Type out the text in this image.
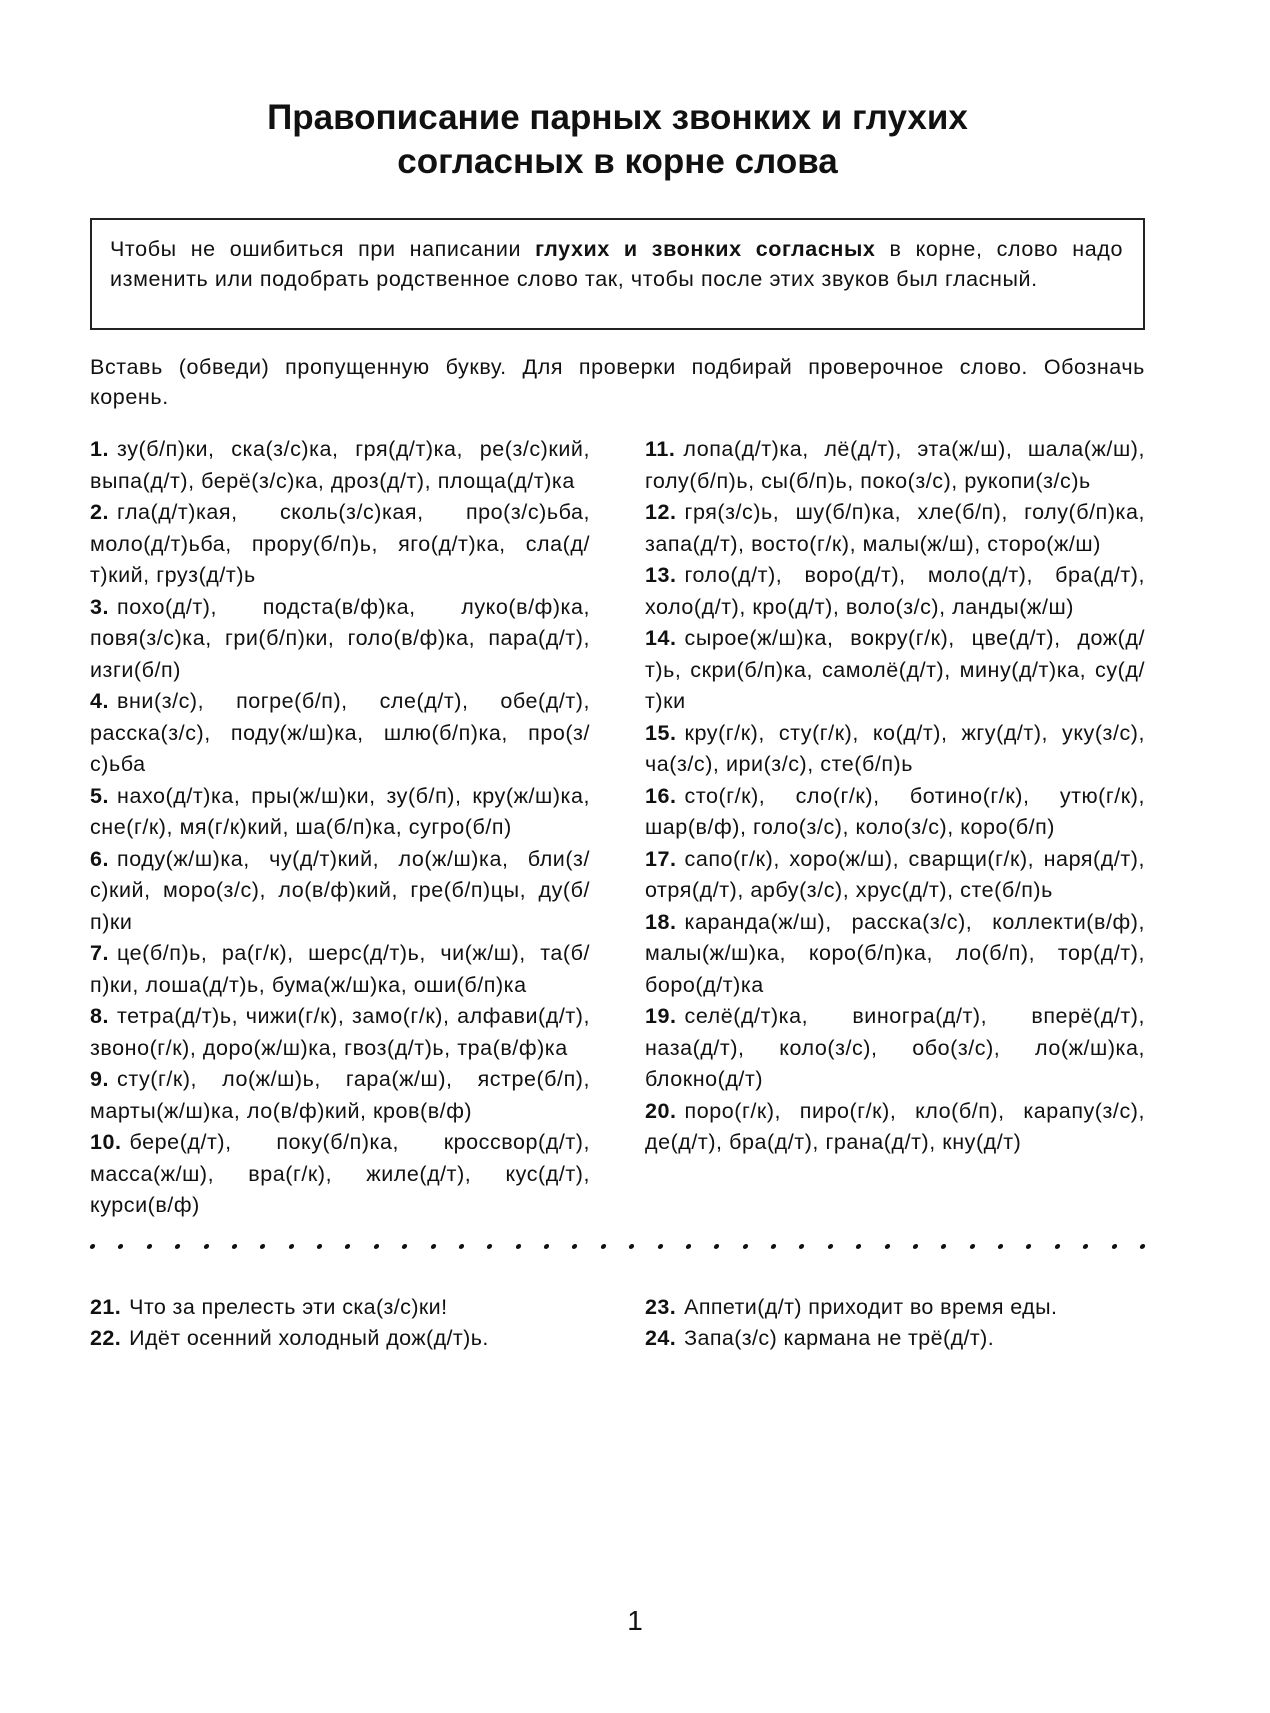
Правописание парных звонких и глухих
согласных в корне слова
Чтобы не ошибиться при написании глухих и звонких согласных в корне, слово надо изменить или подобрать родственное слово так, чтобы после этих звуков был гласный.
Вставь (обведи) пропущенную букву. Для проверки подбирай проверочное слово. Обозначь корень.

1. зу(б/п)ки, ска(з/с)ка, гря(д/т)ка, ре(з/с)кий, выпа(д/т), берё(з/с)ка, дроз(д/т), площа(д/т)ка

2. гла(д/т)кая, сколь(з/с)кая, про(з/с)ьба, моло(д/т)ьба, прору(б/п)ь, яго(д/т)ка, сла(д/т)кий, груз(д/т)ь

3. похо(д/т), подста(в/ф)ка, луко(в/ф)ка, повя(з/с)ка, гри(б/п)ки, голо(в/ф)ка, пара(д/т), изги(б/п)

4. вни(з/с), погре(б/п), сле(д/т), обе(д/т), расска(з/с), поду(ж/ш)ка, шлю(б/п)ка, про(з/с)ьба

5. нахо(д/т)ка, пры(ж/ш)ки, зу(б/п), кру(ж/ш)ка, сне(г/к), мя(г/к)кий, ша(б/п)ка, сугро(б/п)

6. поду(ж/ш)ка, чу(д/т)кий, ло(ж/ш)ка, бли(з/с)кий, моро(з/с), ло(в/ф)кий, гре(б/п)цы, ду(б/п)ки

7. це(б/п)ь, ра(г/к), шерс(д/т)ь, чи(ж/ш), та(б/п)ки, лоша(д/т)ь, бума(ж/ш)ка, оши(б/п)ка

8. тетра(д/т)ь, чижи(г/к), замо(г/к), алфави(д/т), звоно(г/к), доро(ж/ш)ка, гвоз(д/т)ь, тра(в/ф)ка

9. сту(г/к), ло(ж/ш)ь, гара(ж/ш), ястре(б/п), марты(ж/ш)ка, ло(в/ф)кий, кров(в/ф)

10. бере(д/т), поку(б/п)ка, кроссвор(д/т), масса(ж/ш), вра(г/к), жиле(д/т), кус(д/т), курси(в/ф)

11. лопа(д/т)ка, лё(д/т), эта(ж/ш), шала(ж/ш), голу(б/п)ь, сы(б/п)ь, поко(з/с), рукопи(з/с)ь

12. гря(з/с)ь, шу(б/п)ка, хле(б/п), голу(б/п)ка, запа(д/т), восто(г/к), малы(ж/ш), сторо(ж/ш)

13. голо(д/т), воро(д/т), моло(д/т), бра(д/т), холо(д/т), кро(д/т), воло(з/с), ланды(ж/ш)

14. сырое(ж/ш)ка, вокру(г/к), цве(д/т), дож(д/т)ь, скри(б/п)ка, самолё(д/т), мину(д/т)ка, су(д/т)ки

15. кру(г/к), сту(г/к), ко(д/т), жгу(д/т), уку(з/с), ча(з/с), ири(з/с), сте(б/п)ь

16. сто(г/к), сло(г/к), ботино(г/к), утю(г/к), шар(в/ф), голо(з/с), коло(з/с), коро(б/п)

17. сапо(г/к), хоро(ж/ш), сварщи(г/к), наря(д/т), отря(д/т), арбу(з/с), хрус(д/т), сте(б/п)ь

18. каранда(ж/ш), расска(з/с), коллекти(в/ф), малы(ж/ш)ка, коро(б/п)ка, ло(б/п), тор(д/т), боро(д/т)ка

19. селё(д/т)ка, виногра(д/т), вперё(д/т), наза(д/т), коло(з/с), обо(з/с), ло(ж/ш)ка, блокно(д/т)

20. поро(г/к), пиро(г/к), кло(б/п), карапу(з/с), де(д/т), бра(д/т), грана(д/т), кну(д/т)

21. Что за прелесть эти ска(з/с)ки!

22. Идёт осенний холодный дож(д/т)ь.

23. Аппети(д/т) приходит во время еды.

24. Запа(з/с) кармана не трё(д/т).

1
